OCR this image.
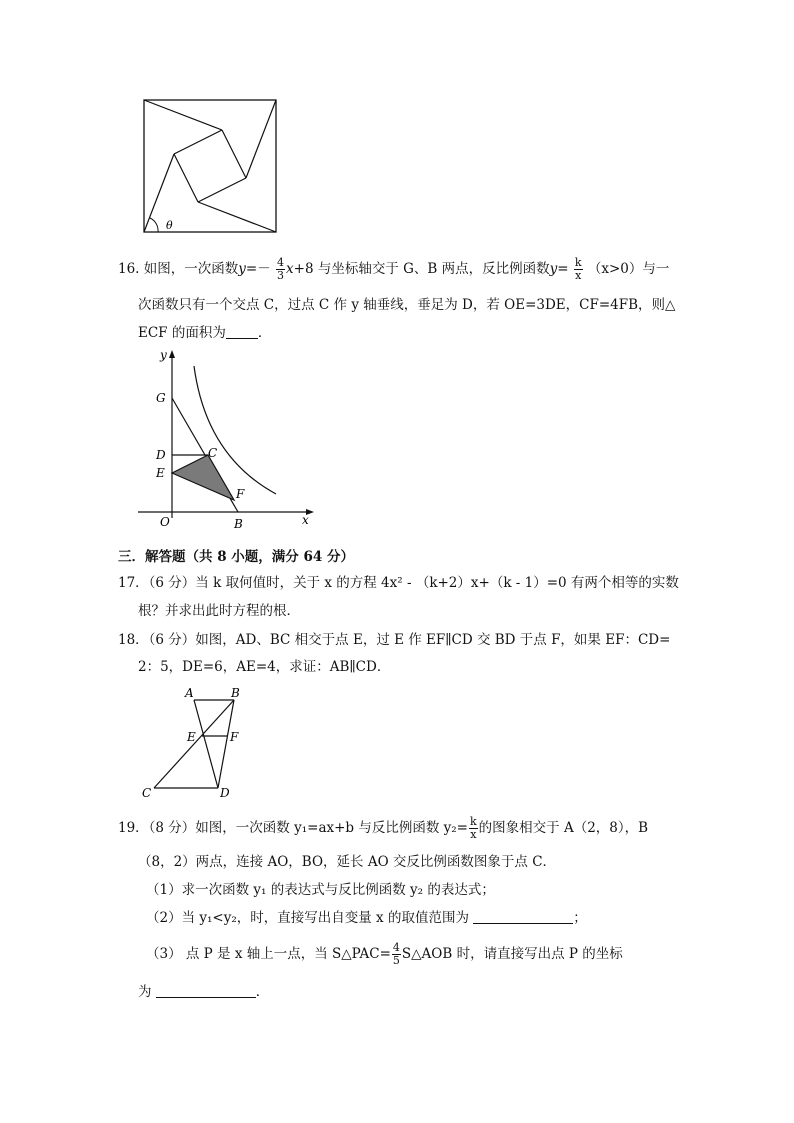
θ
16. 如图，一次函数$y=- \frac{4}{3} x+8$ 与坐标轴交于 G、B 两点，反比例函数$y= \frac{k}{x} (x>0)$与一
次函数只有一个交点 C，过点 C 作 y 轴垂线，垂足为 D，若 OE=3DE，CF=4FB，则△
ECF 的面积为 ．
y
G
D	C
E
F
O	B	x
三．解答题（共 8 小题，满分 64 分）
17．（6 分）当 k 取何值时，关于 x 的方程 4x² - （k+2）x+（k - 1）=0 有两个相等的实数
根？并求出此时方程的根．
18．（6 分）如图，AD、BC 相交于点 E，过 E 作 EF∥CD 交 BD 于点 F，如果 EF：CD=
2：5，DE=6，AE=4，求证：AB∥CD．
A	B
E	F
C	D
19．（8 分）如图，一次函数 y₁=ax+b 与反比例函数 $y_2= \frac{k}{x}$ 的图象相交于 A（2，8），B
（8，2）两点，连接 AO，BO，延长 AO 交反比例函数图象于点 C．
（1）求一次函数 y₁ 的表达式与反比例函数 y₂ 的表达式；
（2）当 y₁<y₂，时，直接写出自变量 x 的取值范围为	；
（3） 点 P 是 x 轴上一点，当 S△PAC= $\frac{4}{5}$ S△AOB 时，请直接写出点 P 的坐标
为	．
